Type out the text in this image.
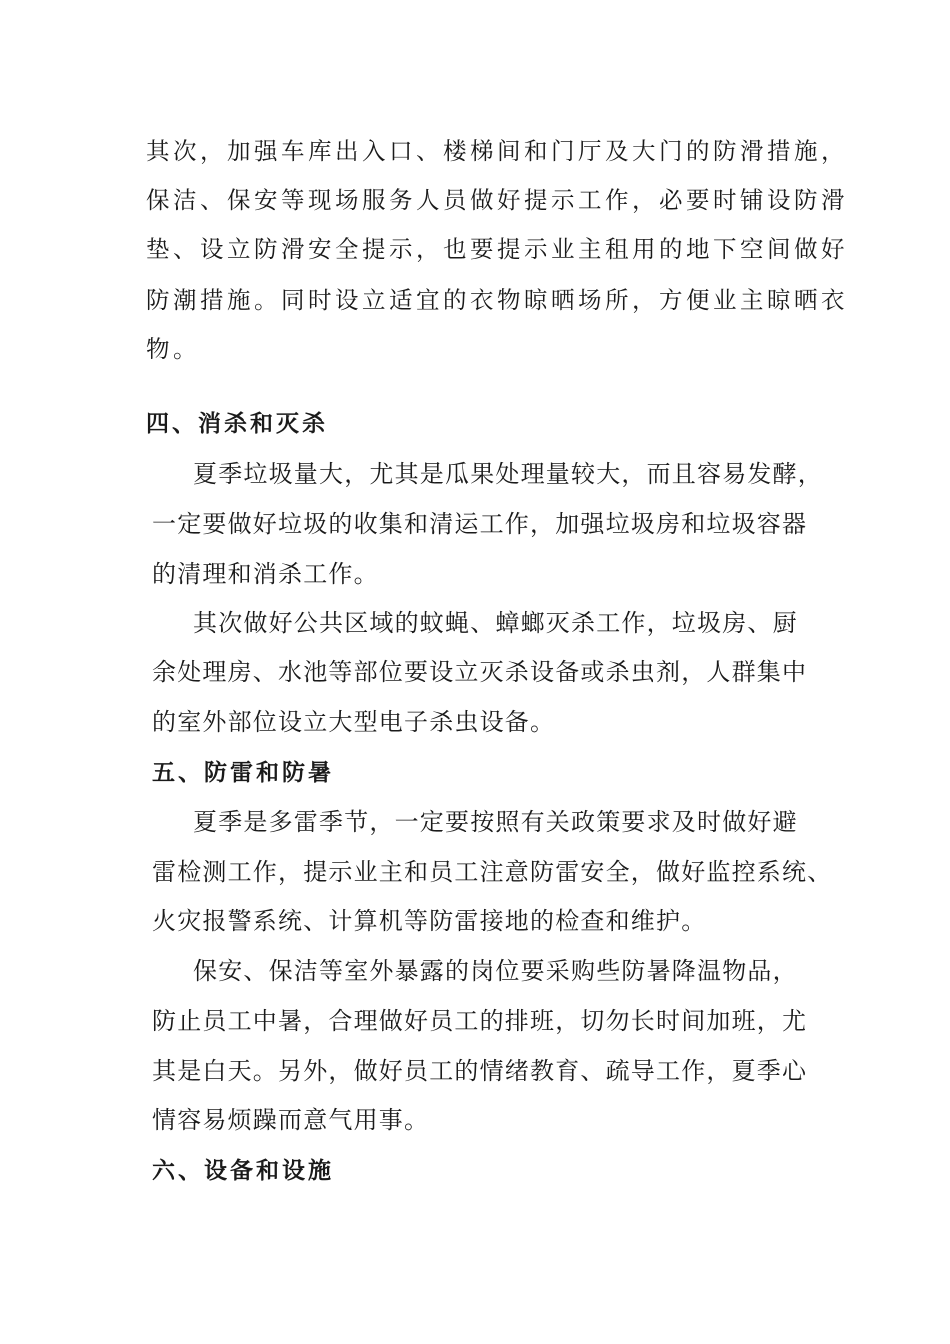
其次，加强车库出入口、楼梯间和门厅及大门的防滑措施，
保洁、保安等现场服务人员做好提示工作，必要时铺设防滑
垫、设立防滑安全提示，也要提示业主租用的地下空间做好
防潮措施。同时设立适宜的衣物晾晒场所，方便业主晾晒衣
物。
四、消杀和灭杀
夏季垃圾量大，尤其是瓜果处理量较大，而且容易发酵，
一定要做好垃圾的收集和清运工作，加强垃圾房和垃圾容器
的清理和消杀工作。
其次做好公共区域的蚊蝇、蟑螂灭杀工作，垃圾房、厨
余处理房、水池等部位要设立灭杀设备或杀虫剂，人群集中
的室外部位设立大型电子杀虫设备。
五、防雷和防暑
夏季是多雷季节，一定要按照有关政策要求及时做好避
雷检测工作，提示业主和员工注意防雷安全，做好监控系统、
火灾报警系统、计算机等防雷接地的检查和维护。
保安、保洁等室外暴露的岗位要采购些防暑降温物品，
防止员工中暑，合理做好员工的排班，切勿长时间加班，尤
其是白天。另外，做好员工的情绪教育、疏导工作，夏季心
情容易烦躁而意气用事。
六、设备和设施
